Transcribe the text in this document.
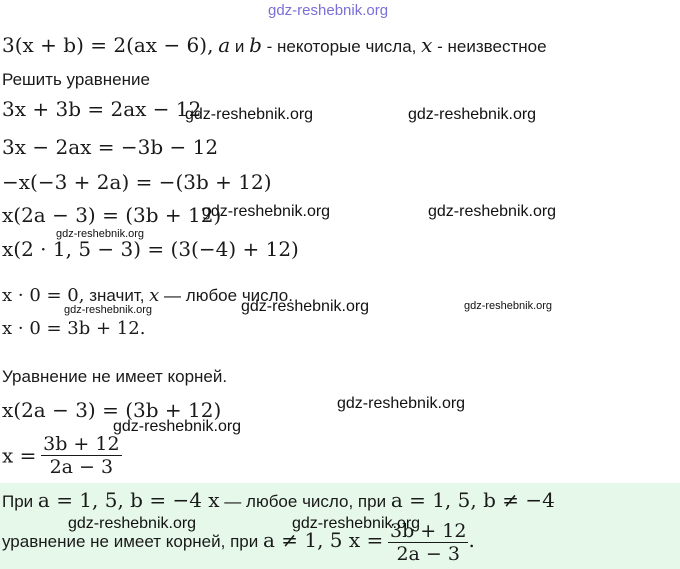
gdz-reshebnik.org
3(x + b) = 2(ax − 6), a и b - некоторые числа, x - неизвестное
Решить уравнение
3x + 3b = 2ax − 12
3x − 2ax = −3b − 12
−x(−3 + 2a) = −(3b + 12)
x(2a − 3) = (3b + 12)
x(2 · 1, 5 − 3) = (3(−4) + 12)
x · 0 = 0, значит, x — любое число.
x · 0 = 3b + 12.
Уравнение не имеет корней.
x(2a − 3) = (3b + 12)
$x = \frac{3b + 12}{2a - 3}$
При a = 1, 5, b = −4 x — любое число, при a = 1, 5, b ≠ −4
уравнение не имеет корней, при a ≠ 1, 5 $x = \frac{3b + 12}{2a - 3}$ .
gdz-reshebnik.org	gdz-reshebnik.org
gdz-reshebnik.org	gdz-reshebnik.org
gdz-reshebnik.org
gdz-reshebnik.org	gdz-reshebnik.org	gdz-reshebnik.org
gdz-reshebnik.org
gdz-reshebnik.org
gdz-reshebnik.org	gdz-reshebnik.org
